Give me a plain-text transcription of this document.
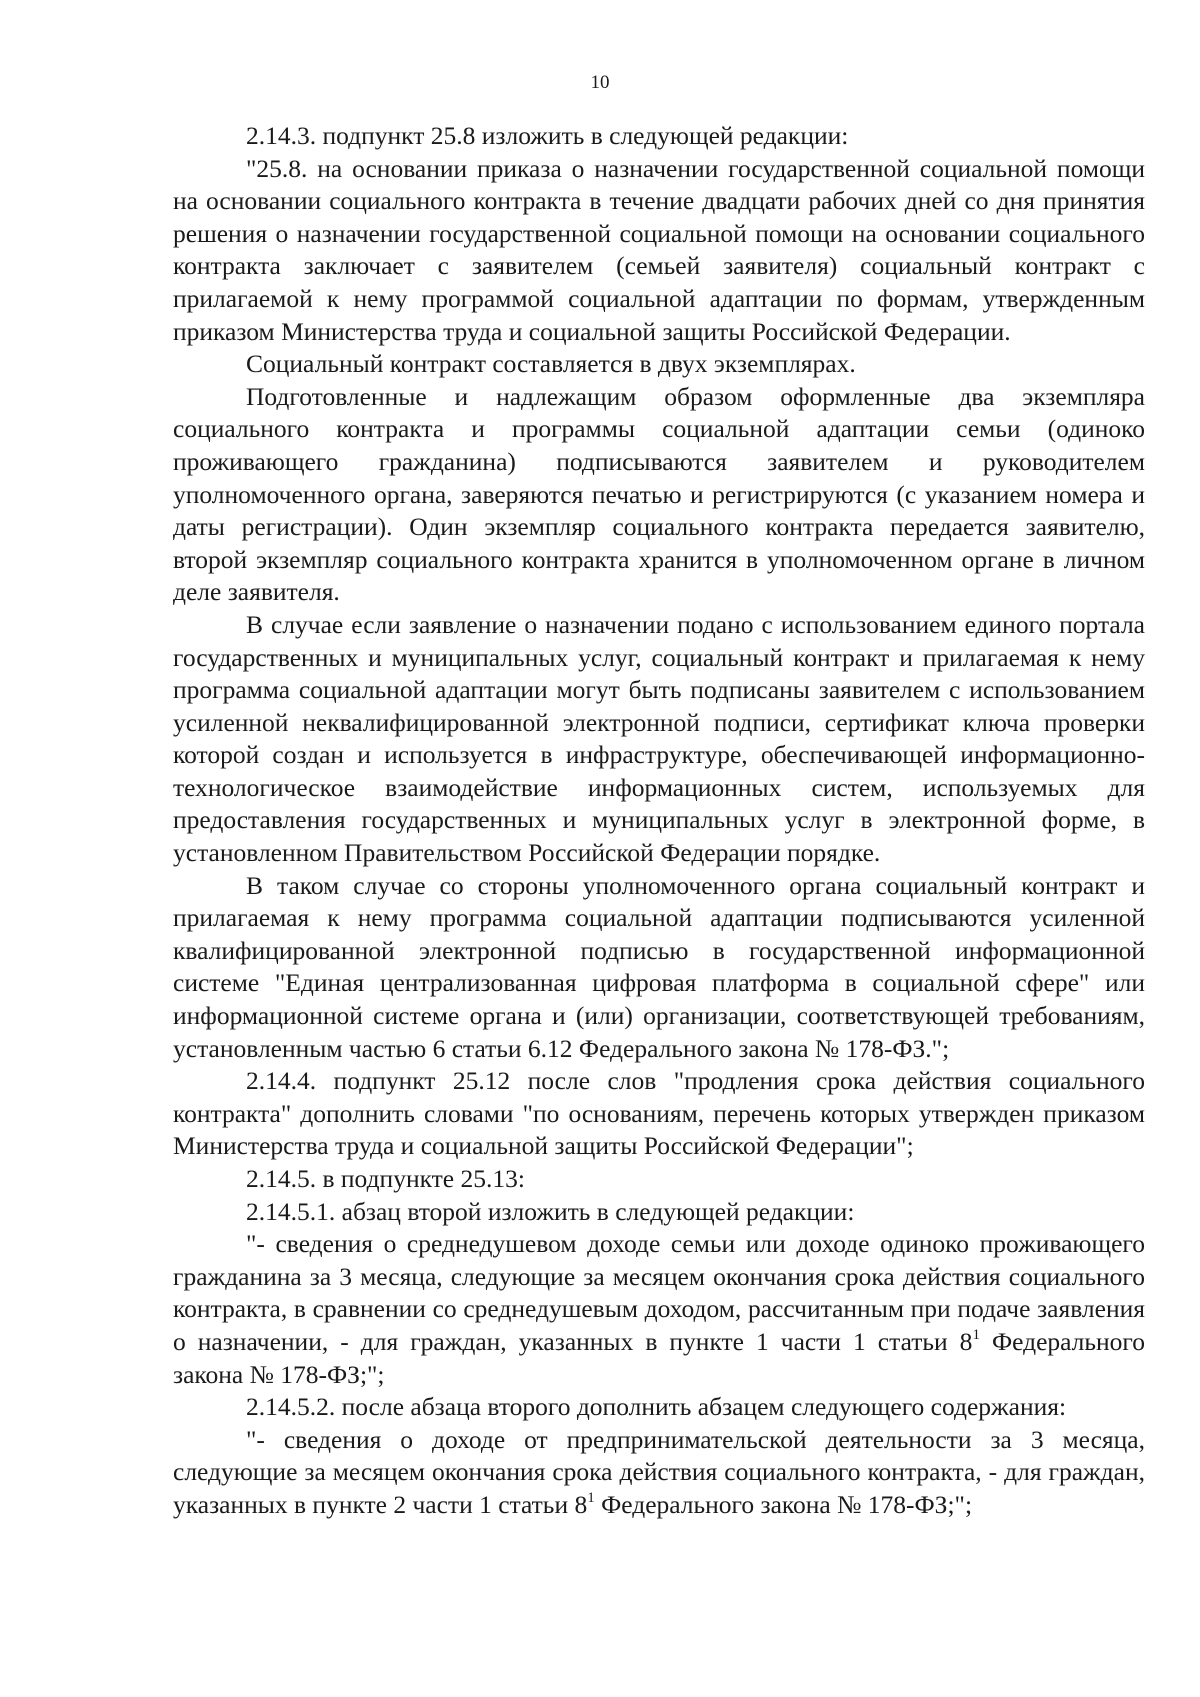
10

2.14.3. подпункт 25.8 изложить в следующей редакции:

"25.8. на основании приказа о назначении государственной социальной помощи на основании социального контракта в течение двадцати рабочих дней со дня принятия решения о назначении государственной социальной помощи на основании социального контракта заключает с заявителем (семьей заявителя) социальный контракт с прилагаемой к нему программой социальной адаптации по формам, утвержденным приказом Министерства труда и социальной защиты Российской Федерации.

Социальный контракт составляется в двух экземплярах.

Подготовленные и надлежащим образом оформленные два экземпляра социального контракта и программы социальной адаптации семьи (одиноко проживающего гражданина) подписываются заявителем и руководителем уполномоченного органа, заверяются печатью и регистрируются (с указанием номера и даты регистрации). Один экземпляр социального контракта передается заявителю, второй экземпляр социального контракта хранится в уполномоченном органе в личном деле заявителя.

В случае если заявление о назначении подано с использованием единого портала государственных и муниципальных услуг, социальный контракт и прилагаемая к нему программа социальной адаптации могут быть подписаны заявителем с использованием усиленной неквалифицированной электронной подписи, сертификат ключа проверки которой создан и используется в инфраструктуре, обеспечивающей информационно-технологическое взаимодействие информационных систем, используемых для предоставления государственных и муниципальных услуг в электронной форме, в установленном Правительством Российской Федерации порядке.

В таком случае со стороны уполномоченного органа социальный контракт и прилагаемая к нему программа социальной адаптации подписываются усиленной квалифицированной электронной подписью в государственной информационной системе "Единая централизованная цифровая платформа в социальной сфере" или информационной системе органа и (или) организации, соответствующей требованиям, установленным частью 6 статьи 6.12 Федерального закона № 178-ФЗ.";

2.14.4. подпункт 25.12 после слов "продления срока действия социального контракта" дополнить словами "по основаниям, перечень которых утвержден приказом Министерства труда и социальной защиты Российской Федерации";

2.14.5. в подпункте 25.13:

2.14.5.1. абзац второй изложить в следующей редакции:

"- сведения о среднедушевом доходе семьи или доходе одиноко проживающего гражданина за 3 месяца, следующие за месяцем окончания срока действия социального контракта, в сравнении со среднедушевым доходом, рассчитанным при подаче заявления о назначении, - для граждан, указанных в пункте 1 части 1 статьи $8^1$ Федерального закона № 178-ФЗ;";

2.14.5.2. после абзаца второго дополнить абзацем следующего содержания:

"- сведения о доходе от предпринимательской деятельности за 3 месяца, следующие за месяцем окончания срока действия социального контракта, - для граждан, указанных в пункте 2 части 1 статьи $8^1$ Федерального закона № 178-ФЗ;";
